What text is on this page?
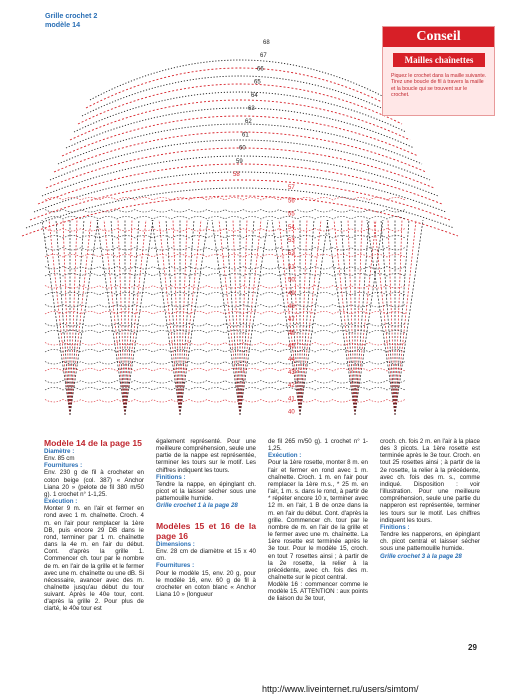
Grille crochet 2
modèle 14
68
67
66
65
64
63
62
61
60
59
58
57
56
55
54
53
52
51
50
49
48
47
46
45
44
43
42
41
40
Conseil
Mailles chaînettes
Piquez le crochet dans la maille suivante. Tirez une boucle de fil à travers la maille et la boucle qui se trouvent sur le crochet.

Modèle 14 de la page 15

Diamètre :

Env. 85 cm

Fournitures :

Env. 230 g de fil à crocheter en coton beige (col. 387) « Anchor Liana 20 » (pelote de fil 380 m/50 g). 1 crochet n° 1-1,25.

Exécution :

Monter 9 m. en l'air et fermer en rond avec 1 m. chaînette. Croch. 4 m. en l'air pour remplacer la 1ère DB, puis encore 29 DB dans le rond, terminer par 1 m. chaînette dans la 4e m. en l'air du début. Cont. d'après la grille 1. Commencer ch. tour par le nombre de m. en l'air de la grille et le fermer avec une m. chaînette ou une dB. Si nécessaire, avancer avec des m. chaînette jusqu'au début du tour suivant. Après le 40e tour, cont. d'après la grille 2. Pour plus de clarté, le 40e tour est

également représenté. Pour une meilleure compréhension, seule une partie de la nappe est représentée, terminer les tours sur le motif. Les chiffres indiquent les tours.

Finitions :

Tendre la nappe, en épinglant ch. picot et la laisser sécher sous une pattemouille humide.

Grille crochet 1 à la page 28

Modèles 15 et 16 de la page 16

Dimensions :

Env. 28 cm de diamètre et 15 x 40 cm.

Fournitures :

Pour le modèle 15, env. 20 g, pour le modèle 16, env. 60 g de fil à crocheter en coton blanc « Anchor Liana 10 » (longueur

de fil 265 m/50 g). 1 crochet n° 1-1,25.

Exécution :

Pour la 1ère rosette, monter 8 m. en l'air et fermer en rond avec 1 m. chaînette. Croch. 1 m. en l'air pour remplacer la 1ère m.s., * 25 m. en l'air, 1 m. s. dans le rond, à partir de * répéter encore 10 x, terminer avec 12 m. en l'air, 1 B de onze dans la m. en l'air du début. Cont. d'après la grille. Commencer ch. tour par le nombre de m. en l'air de la grille et le fermer avec une m. chaînette. La 1ère rosette est terminée après le 3e tour. Pour le modèle 15, croch. en tout 7 rosettes ainsi ; à partir de la 2e rosette, la relier à la précédente, avec ch. fois des m. chaînette sur le picot central.

Modèle 16 : commencer comme le modèle 15. ATTENTION : aux points de liaison du 3e tour,

croch. ch. fois 2 m. en l'air à la place des 3 picots. La 1ère rosette est terminée après le 3e tour. Croch. en tout 25 rosettes ainsi ; à partir de la 2e rosette, la relier à la précédente, avec ch. fois des m. s., comme indiqué. Disposition : voir l'illustration. Pour une meilleure compréhension, seule une partie du napperon est représentée, terminer les tours sur le motif. Les chiffres indiquent les tours.

Finitions :

Tendre les napperons, en épinglant ch. picot central et laisser sécher sous une pattemouille humide.

Grille crochet 3 à la page 28

29
http://www.liveinternet.ru/users/simtom/
